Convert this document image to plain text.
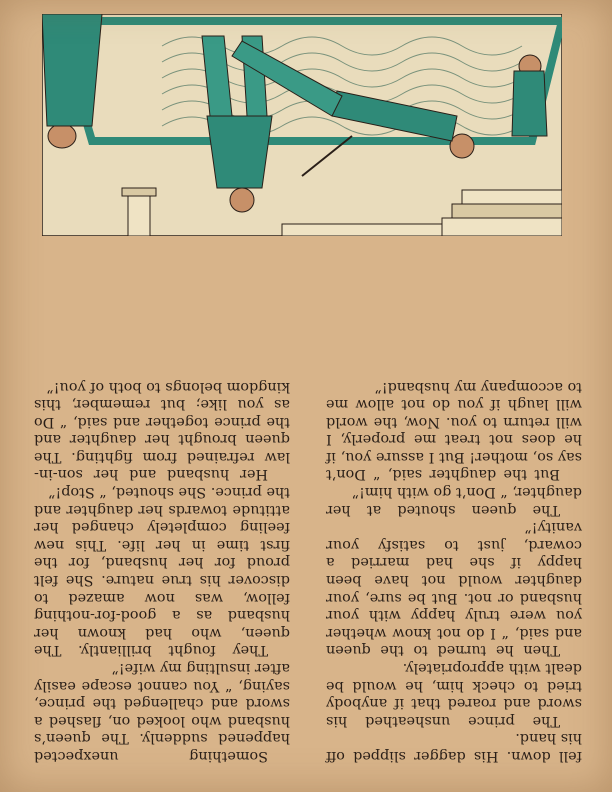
fell down. His dagger slipped off his hand.

The prince unsheathed his sword and roared that if anybody tried to check him, he would be dealt with appropriately.

Then he turned to the queen and said, “ I do not know whether you were truly happy with your husband or not. But be sure, your daughter would not have been happy if she had married a coward, just to satisfy your vanity!”

The queen shouted at her daughter, “ Don’t go with him!”

But the daughter said, “ Don’t say so, mother! But I assure you, if he does not treat me properly, I will return to you. Now, the world will laugh if you do not allow me to accompany my husband!”

Something unexpected happened suddenly. The queen’s husband who looked on, flashed a sword and challenged the prince, saying, “ You cannot escape easily after insulting my wife!”

They fought brilliantly. The queen, who had known her husband as a good-for-nothing fellow, was now amazed to discover his true nature. She felt proud for her husband, for the first time in her life. This new feeling completely changed her attitude towards her daughter and the prince. She shouted, “ Stop!”

Her husband and her son-in-law refrained from fighting. The queen brought her daughter and the prince together and said, “ Do as you like; but remember, this kingdom belongs to both of you!”
